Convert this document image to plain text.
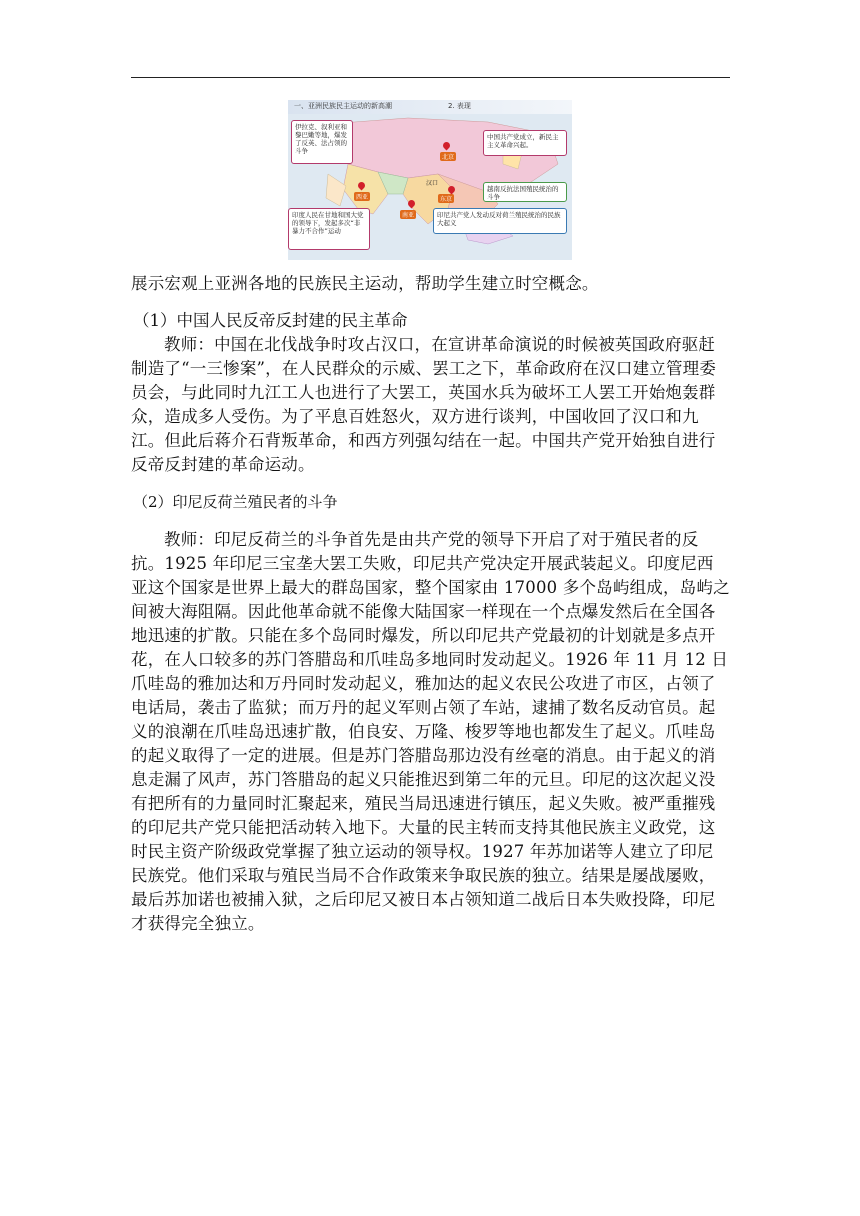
一、亚洲民族民主运动的新高潮	2. 表现
伊拉克、叙利亚和黎巴嫩等地，爆发了反英、法占领的斗争
中国共产党成立，新民主主义革命兴起。
越南反抗法国殖民统治的斗争
印度人民在甘地和国大党的领导下，发起多次“非暴力不合作”运动
印尼共产党人发动反对荷兰殖民统治的民族大起义
西亚
汉口
南亚
北京
东京

展示宏观上亚洲各地的民族民主运动，帮助学生建立时空概念。

（1）中国人民反帝反封建的民主革命

教师：中国在北伐战争时攻占汉口，在宣讲革命演说的时候被英国政府驱赶制造了“一三惨案”，在人民群众的示威、罢工之下，革命政府在汉口建立管理委员会，与此同时九江工人也进行了大罢工，英国水兵为破坏工人罢工开始炮轰群众，造成多人受伤。为了平息百姓怒火，双方进行谈判，中国收回了汉口和九江。但此后蒋介石背叛革命，和西方列强勾结在一起。中国共产党开始独自进行反帝反封建的革命运动。

（2）印尼反荷兰殖民者的斗争

教师：印尼反荷兰的斗争首先是由共产党的领导下开启了对于殖民者的反抗。1925 年印尼三宝垄大罢工失败，印尼共产党决定开展武装起义。印度尼西亚这个国家是世界上最大的群岛国家，整个国家由 17000 多个岛屿组成，岛屿之间被大海阻隔。因此他革命就不能像大陆国家一样现在一个点爆发然后在全国各地迅速的扩散。只能在多个岛同时爆发，所以印尼共产党最初的计划就是多点开花，在人口较多的苏门答腊岛和爪哇岛多地同时发动起义。1926 年 11 月 12 日爪哇岛的雅加达和万丹同时发动起义，雅加达的起义农民公攻进了市区，占领了电话局，袭击了监狱；而万丹的起义军则占领了车站，逮捕了数名反动官员。起义的浪潮在爪哇岛迅速扩散，伯良安、万隆、梭罗等地也都发生了起义。爪哇岛的起义取得了一定的进展。但是苏门答腊岛那边没有丝毫的消息。由于起义的消息走漏了风声，苏门答腊岛的起义只能推迟到第二年的元旦。印尼的这次起义没有把所有的力量同时汇聚起来，殖民当局迅速进行镇压，起义失败。被严重摧残的印尼共产党只能把活动转入地下。大量的民主转而支持其他民族主义政党，这时民主资产阶级政党掌握了独立运动的领导权。1927 年苏加诺等人建立了印尼民族党。他们采取与殖民当局不合作政策来争取民族的独立。结果是屡战屡败，最后苏加诺也被捕入狱，之后印尼又被日本占领知道二战后日本失败投降，印尼才获得完全独立。
